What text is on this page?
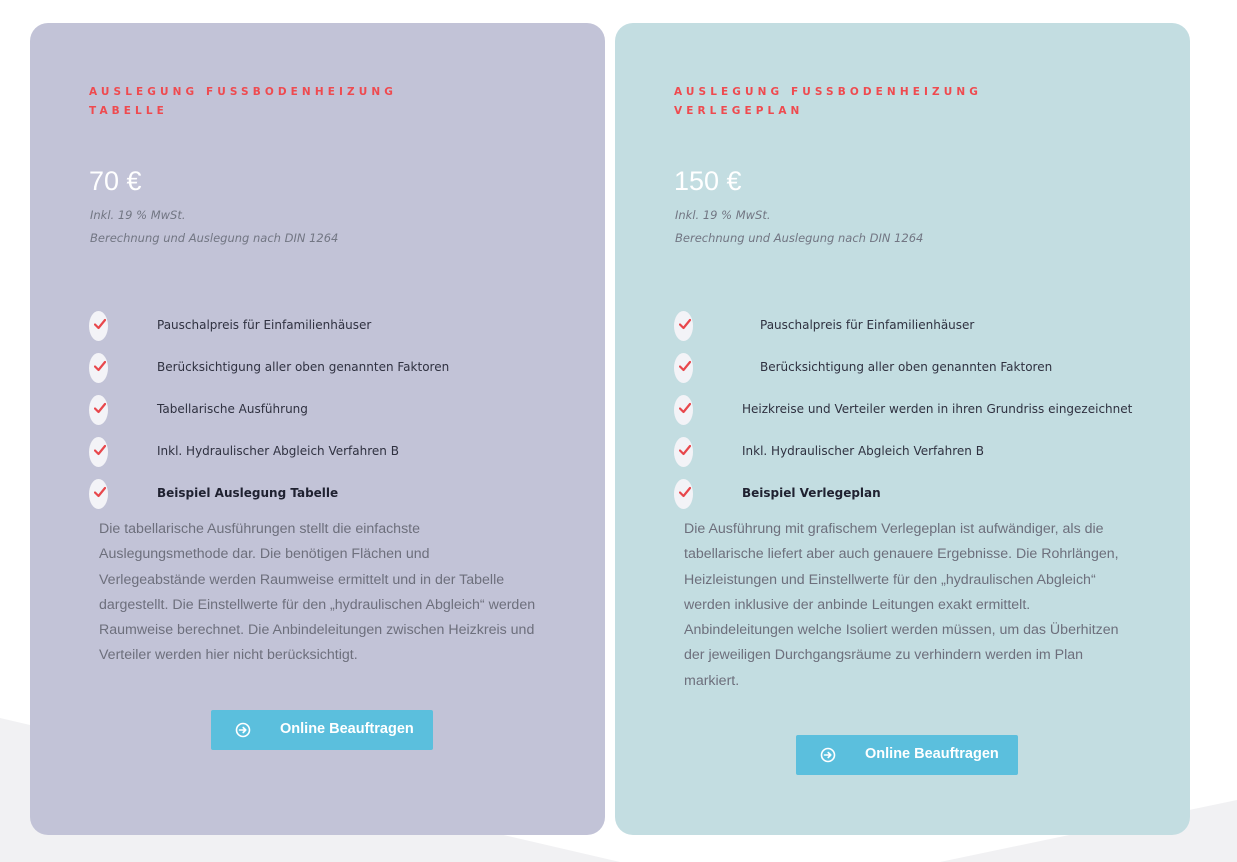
AUSLEGUNG FUSSBODENHEIZUNG TABELLE
70 €
Inkl. 19 % MwSt.
Berechnung und Auslegung nach DIN 1264
Pauschalpreis für Einfamilienhäuser
Berücksichtigung aller oben genannten Faktoren
Tabellarische Ausführung
Inkl. Hydraulischer Abgleich Verfahren B
Beispiel Auslegung Tabelle

Die tabellarische Ausführungen stellt die einfachste Auslegungsmethode dar. Die benötigen Flächen und Verlegeabstände werden Raumweise ermittelt und in der Tabelle dargestellt. Die Einstellwerte für den „hydraulischen Abgleich“ werden Raumweise berechnet. Die Anbindeleitungen zwischen Heizkreis und Verteiler werden hier nicht berücksichtigt.

Online Beauftragen
AUSLEGUNG FUSSBODENHEIZUNG VERLEGEPLAN
150 €
Inkl. 19 % MwSt.
Berechnung und Auslegung nach DIN 1264
Pauschalpreis für Einfamilienhäuser
Berücksichtigung aller oben genannten Faktoren
Heizkreise und Verteiler werden in ihren Grundriss eingezeichnet
Inkl. Hydraulischer Abgleich Verfahren B
Beispiel Verlegeplan

Die Ausführung mit grafischem Verlegeplan ist aufwändiger, als die tabellarische liefert aber auch genauere Ergebnisse. Die Rohrlängen, Heizleistungen und Einstellwerte für den „hydraulischen Abgleich“ werden inklusive der anbinde Leitungen exakt ermittelt. Anbindeleitungen welche Isoliert werden müssen, um das Überhitzen der jeweiligen Durchgangsräume zu verhindern werden im Plan markiert.

Online Beauftragen
